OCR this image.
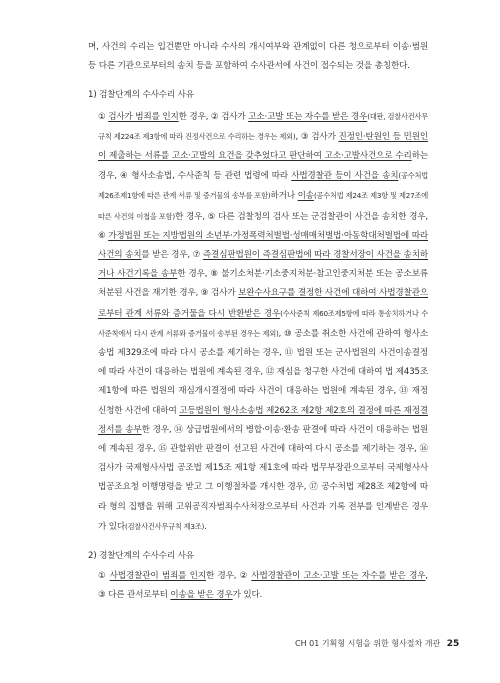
며, 사건의 수리는 입건뿐만 아니라 수사의 개시여부와 관계없이 다른 청으로부터 이송·범원 등 다른 기관으로부터의 송치 등을 포함하여 수사관서에 사건이 접수되는 것을 총칭한다.

1) 검찰단계의 수사수리 사유
① 검사가 범죄를 인지한 경우, ② 검사가 고소·고발 또는 자수를 받은 경우(대판, 검찰사건사무규칙 제224조 제3항에 따라 진정사건으로 수리하는 경우는 제외), ③ 검사가 진정인·탄원인 등 민원인이 제출하는 서류를 고소·고발의 요건을 갖추었다고 판단하여 고소·고발사건으로 수리하는 경우, ④ 형사소송법, 수사준칙 등 관련 법령에 따라 사법경찰관 등이 사건을 송치(공수처법 제26조제1항에 따른 관계 서류 및 증거물의 송부를 포함)하거나 이송(공수처법 제24조 제3항 및 제27조에 따른 사건의 이첩을 포함)한 경우, ⑤ 다른 검찰청의 검사 또는 군검찰관이 사건을 송치한 경우, ⑥ 가정법원 또는 지방법원의 소년부·가정폭력처벌법·성매매처벌법·아동학대처벌법에 따라 사건의 송치를 받은 경우, ⑦ 즉결심판법원이 즉결심판법에 따라 경찰서장이 사건을 송치하거나 사건기록을 송부한 경우, ⑧ 불기소처분·기소중지처분·참고인중지처분 또는 공소보류처분된 사건을 재기한 경우, ⑨ 검사가 보완수사요구를 결정한 사건에 대하여 사법경찰관으로부터 관계 서류와 증거물을 다시 반환받은 경우(수사준칙 제60조제5항에 따라 통송치하거나 수사준칙에서 다시 관계 서류와 증거물이 송부된 경우는 제외), ⑩ 공소를 취소한 사건에 관하여 형사소송법 제329조에 따라 다시 공소를 제기하는 경우, ⑪ 법원 또는 군사법원의 사건이송결정에 따라 사건이 대응하는 법원에 계속된 경우, ⑫ 재심을 청구한 사건에 대하여 법 제435조 제1항에 따른 법원의 재심개시결정에 따라 사건이 대응하는 법원에 계속된 경우, ⑬ 재정신청한 사건에 대하여 고등법원이 형사소송법 제262조 제2항 제2호의 결정에 따른 재정결정서를 송부한 경우, ⑭ 상급법원에서의 병합·이송·환송 판결에 따라 사건이 대응하는 법원에 계속된 경우, ⑮ 관할위반 판결이 선고된 사건에 대하여 다시 공소를 제기하는 경우, ⑯ 검사가 국제형사사법 공조법 제15조 제1항 제1호에 따라 법무부장관으로부터 국제형사사법공조요청 이행명령을 받고 그 이행절차를 개시한 경우, ⑰ 공수처법 제28조 제2항에 따라 형의 집행을 위해 고위공직자범죄수사처장으로부터 사건과 기록 전부를 인계받은 경우가 있다(검찰사건사무규칙 제3조).
2) 경찰단계의 수사수리 사유
① 사법경찰관이 범죄를 인지한 경우, ② 사법경찰관이 고소·고발 또는 자수를 받은 경우, ③ 다른 관서로부터 이송을 받은 경우가 있다.
CH 01 기획형 시험을 위한 형사절차 개관 25
